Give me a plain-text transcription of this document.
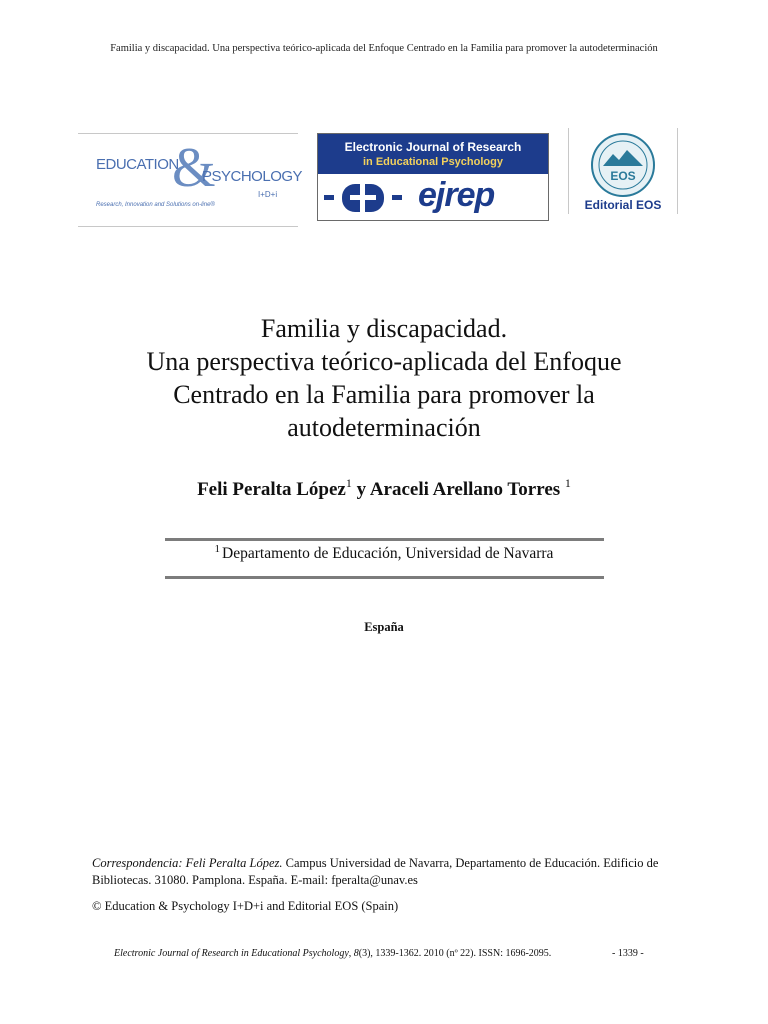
Familia y discapacidad. Una perspectiva teórico-aplicada del Enfoque Centrado en la Familia para promover la autodeterminación
EDUCATION
&
PSYCHOLOGY
I+D+i
Research, Innovation and Solutions on-line®
Electronic Journal of Research
in Educational Psychology
ejrep	EOS
Editorial EOS
Familia y discapacidad.
Una perspectiva teórico-aplicada del Enfoque
Centrado en la Familia para promover la
autodeterminación
Feli Peralta López$^1$ y Araceli Arellano Torres $^1$
$^1$ Departamento de Educación, Universidad de Navarra
España
Correspondencia: Feli Peralta López. Campus Universidad de Navarra, Departamento de Educación. Edificio de Bibliotecas. 31080. Pamplona. España. E-mail: fperalta@unav.es
© Education & Psychology I+D+i and Editorial EOS (Spain)
Electronic Journal of Research in Educational Psychology, 8(3), 1339-1362. 2010 (nº 22). ISSN: 1696-2095.	- 1339 -
